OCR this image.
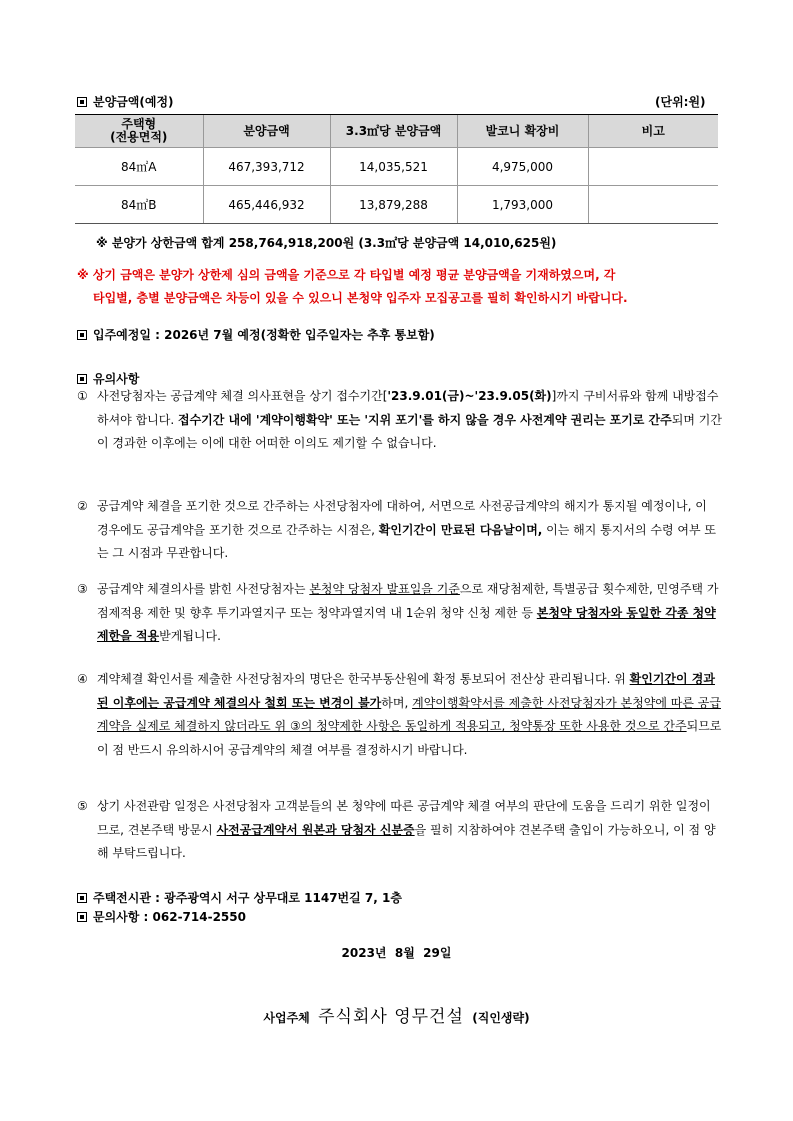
분양금액(예정)	(단위:원)
주택형
(전용면적)	분양금액	3.3㎡당 분양금액	발코니 확장비	비고
84㎡A	467,393,712	14,035,521	4,975,000	
84㎡B	465,446,932	13,879,288	1,793,000	
※ 분양가 상한금액 합계 258,764,918,200원 (3.3㎡당 분양금액 14,010,625원)
※ 상기 금액은 분양가 상한제 심의 금액을 기준으로 각 타입별 예정 평균 분양금액을 기재하였으며, 각
타입별, 층별 분양금액은 차등이 있을 수 있으니 본청약 입주자 모집공고를 필히 확인하시기 바랍니다.
입주예정일 : 2026년 7월 예정(정확한 입주일자는 추후 통보함)
유의사항
① 사전당첨자는 공급계약 체결 의사표현을 상기 접수기간['23.9.01(금)~'23.9.05(화)]까지 구비서류와 함께 내방접수 하셔야 합니다. 접수기간 내에 '계약이행확약' 또는 '지위 포기'를 하지 않을 경우 사전계약 권리는 포기로 간주되며 기간이 경과한 이후에는 이에 대한 어떠한 이의도 제기할 수 없습니다.
② 공급계약 체결을 포기한 것으로 간주하는 사전당첨자에 대하여, 서면으로 사전공급계약의 해지가 통지될 예정이나, 이 경우에도 공급계약을 포기한 것으로 간주하는 시점은, 확인기간이 만료된 다음날이며, 이는 해지 통지서의 수령 여부 또는 그 시점과 무관합니다.
③ 공급계약 체결의사를 밝힌 사전당첨자는 본청약 당첨자 발표일을 기준으로 재당첨제한, 특별공급 횟수제한, 민영주택 가점제적용 제한 및 향후 투기과열지구 또는 청약과열지역 내 1순위 청약 신청 제한 등 본청약 당첨자와 동일한 각종 청약제한을 적용받게됩니다.
④ 계약체결 확인서를 제출한 사전당첨자의 명단은 한국부동산원에 확정 통보되어 전산상 관리됩니다. 위 확인기간이 경과된 이후에는 공급계약 체결의사 철회 또는 변경이 불가하며, 계약이행확약서를 제출한 사전당첨자가 본청약에 따른 공급계약을 실제로 체결하지 않더라도 위 ③의 청약제한 사항은 동일하게 적용되고, 청약통장 또한 사용한 것으로 간주되므로 이 점 반드시 유의하시어 공급계약의 체결 여부를 결정하시기 바랍니다.
⑤ 상기 사전관람 일정은 사전당첨자 고객분들의 본 청약에 따른 공급계약 체결 여부의 판단에 도움을 드리기 위한 일정이므로, 견본주택 방문시 사전공급계약서 원본과 당첨자 신분증을 필히 지참하여야 견본주택 출입이 가능하오니, 이 점 양해 부탁드립니다.
주택전시관 : 광주광역시 서구 상무대로 1147번길 7, 1층
문의사항 : 062-714-2550
2023년  8월  29일
사업주체 주식회사 영무건설 (직인생략)
